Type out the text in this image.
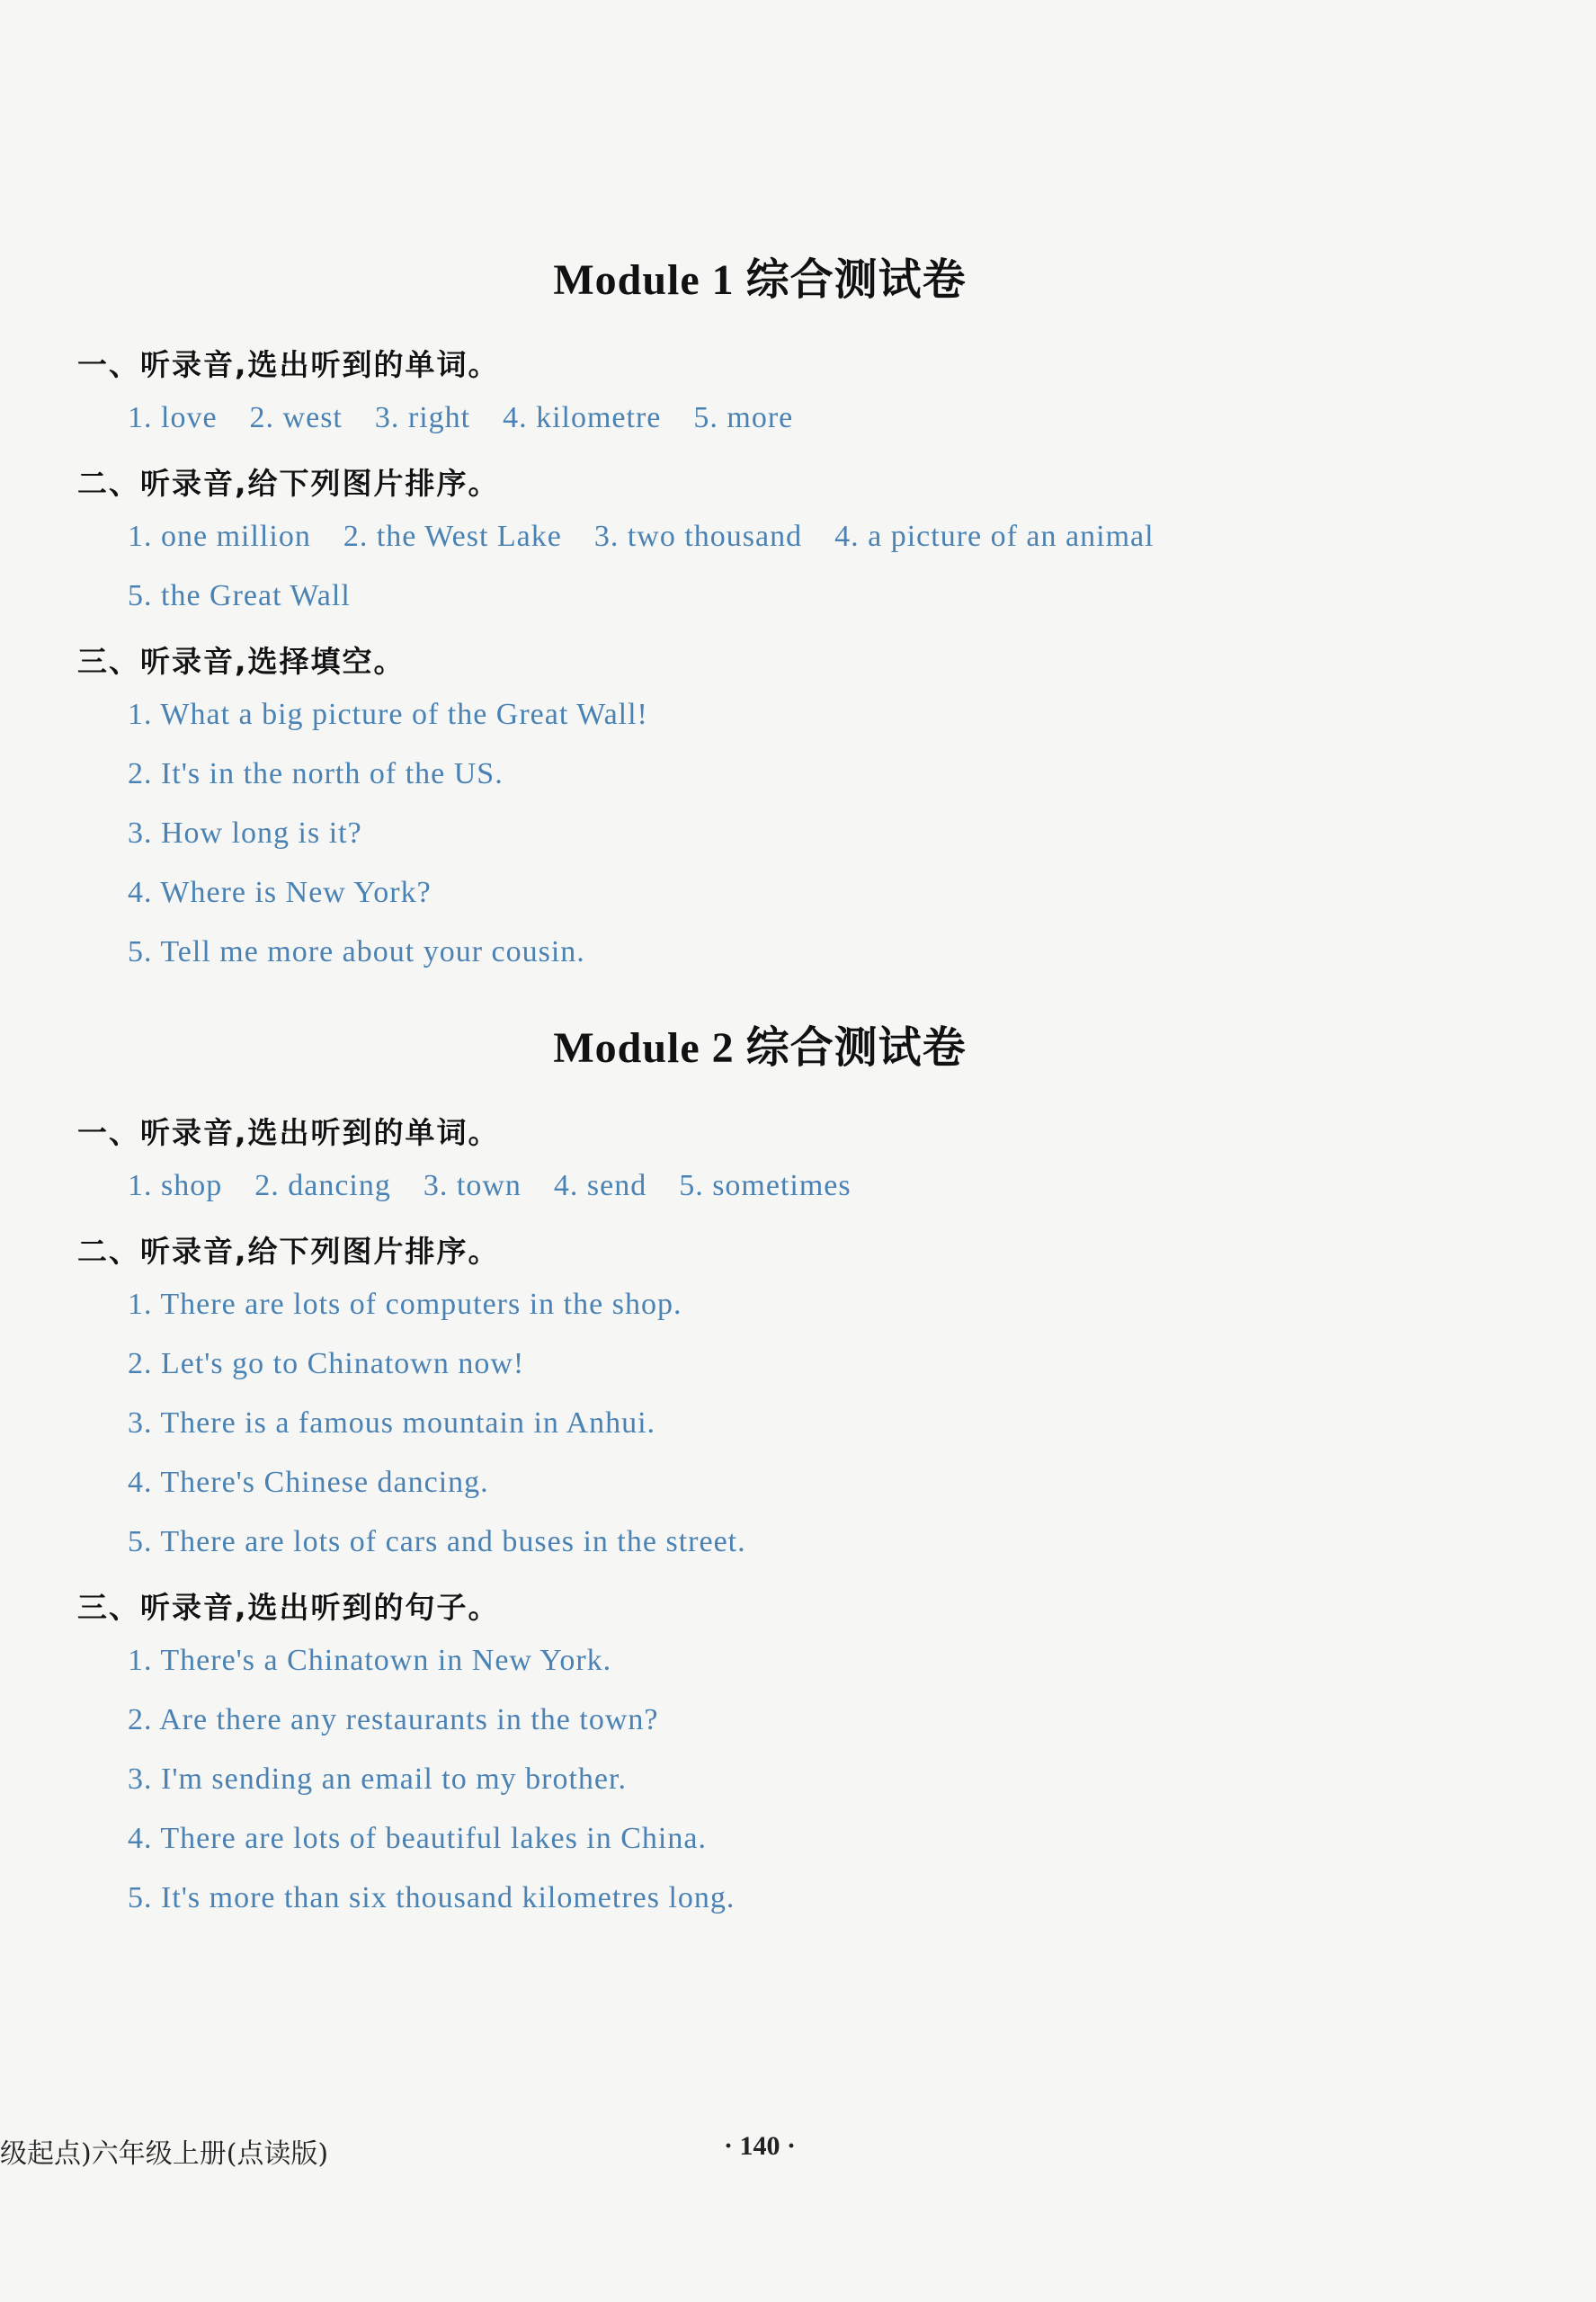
Module 1 综合测试卷
一、听录音,选出听到的单词。
1. love 2. west 3. right 4. kilometre 5. more
二、听录音,给下列图片排序。
1. one million 2. the West Lake 3. two thousand 4. a picture of an animal
5. the Great Wall
三、听录音,选择填空。
1. What a big picture of the Great Wall!
2. It's in the north of the US.
3. How long is it?
4. Where is New York?
5. Tell me more about your cousin.
Module 2 综合测试卷
一、听录音,选出听到的单词。
1. shop 2. dancing 3. town 4. send 5. sometimes
二、听录音,给下列图片排序。
1. There are lots of computers in the shop.
2. Let's go to Chinatown now!
3. There is a famous mountain in Anhui.
4. There's Chinese dancing.
5. There are lots of cars and buses in the street.
三、听录音,选出听到的句子。
1. There's a Chinatown in New York.
2. Are there any restaurants in the town?
3. I'm sending an email to my brother.
4. There are lots of beautiful lakes in China.
5. It's more than six thousand kilometres long.
级起点)六年级上册(点读版)	· 140 ·
